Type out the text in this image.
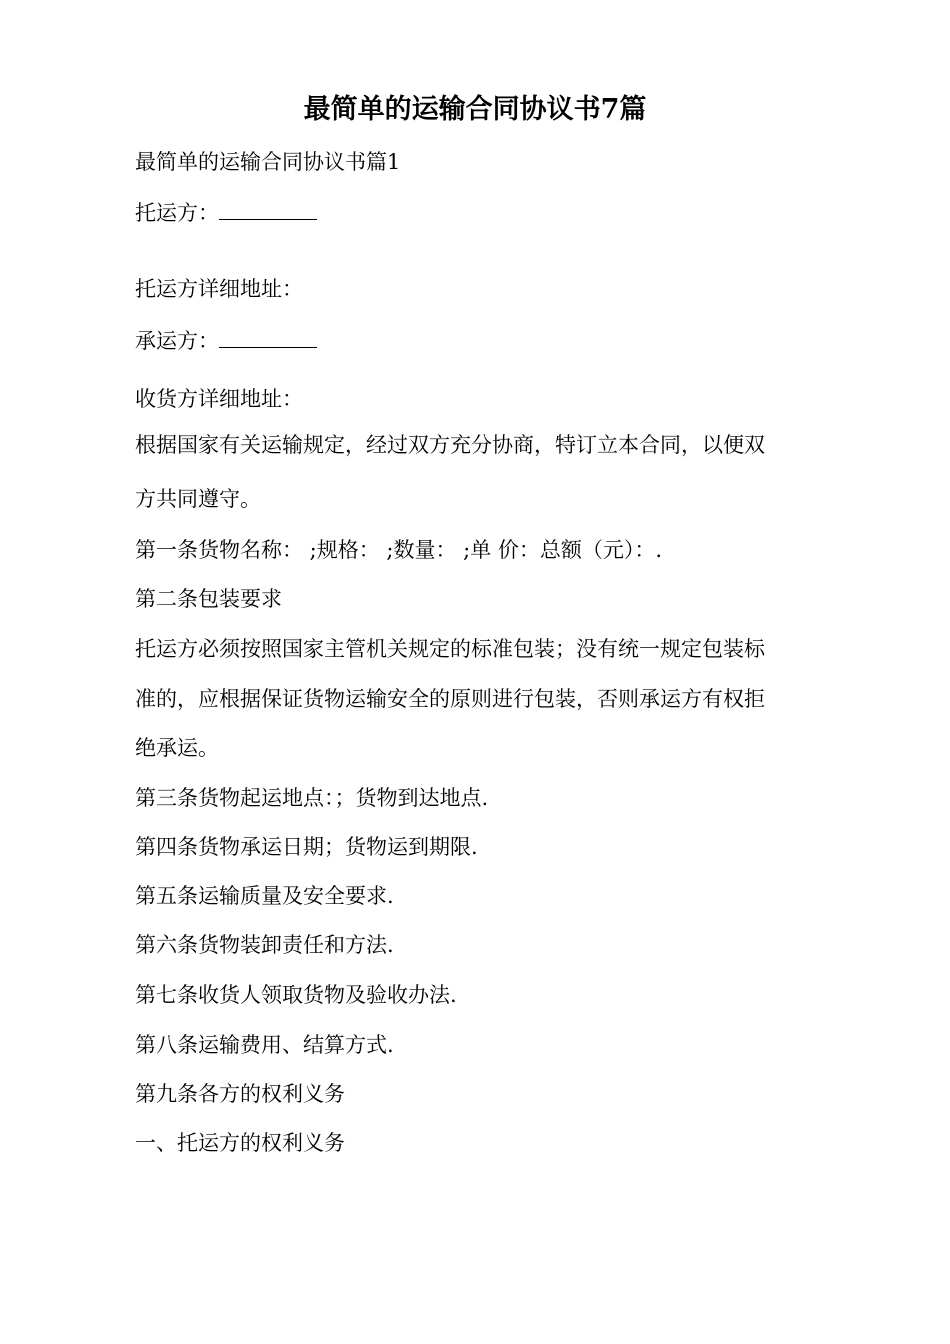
最简单的运输合同协议书7篇
最简单的运输合同协议书篇1
托运方：
托运方详细地址：
承运方：
收货方详细地址：
根据国家有关运输规定，经过双方充分协商，特订立本合同，以便双
方共同遵守。
第一条货物名称： ;规格： ;数量： ;单 价：总额（元）：.
第二条包装要求
托运方必须按照国家主管机关规定的标准包装；没有统一规定包装标
准的，应根据保证货物运输安全的原则进行包装，否则承运方有权拒
绝承运。
第三条货物起运地点：；货物到达地点.
第四条货物承运日期；货物运到期限.
第五条运输质量及安全要求.
第六条货物装卸责任和方法.
第七条收货人领取货物及验收办法.
第八条运输费用、结算方式.
第九条各方的权利义务
一、托运方的权利义务
